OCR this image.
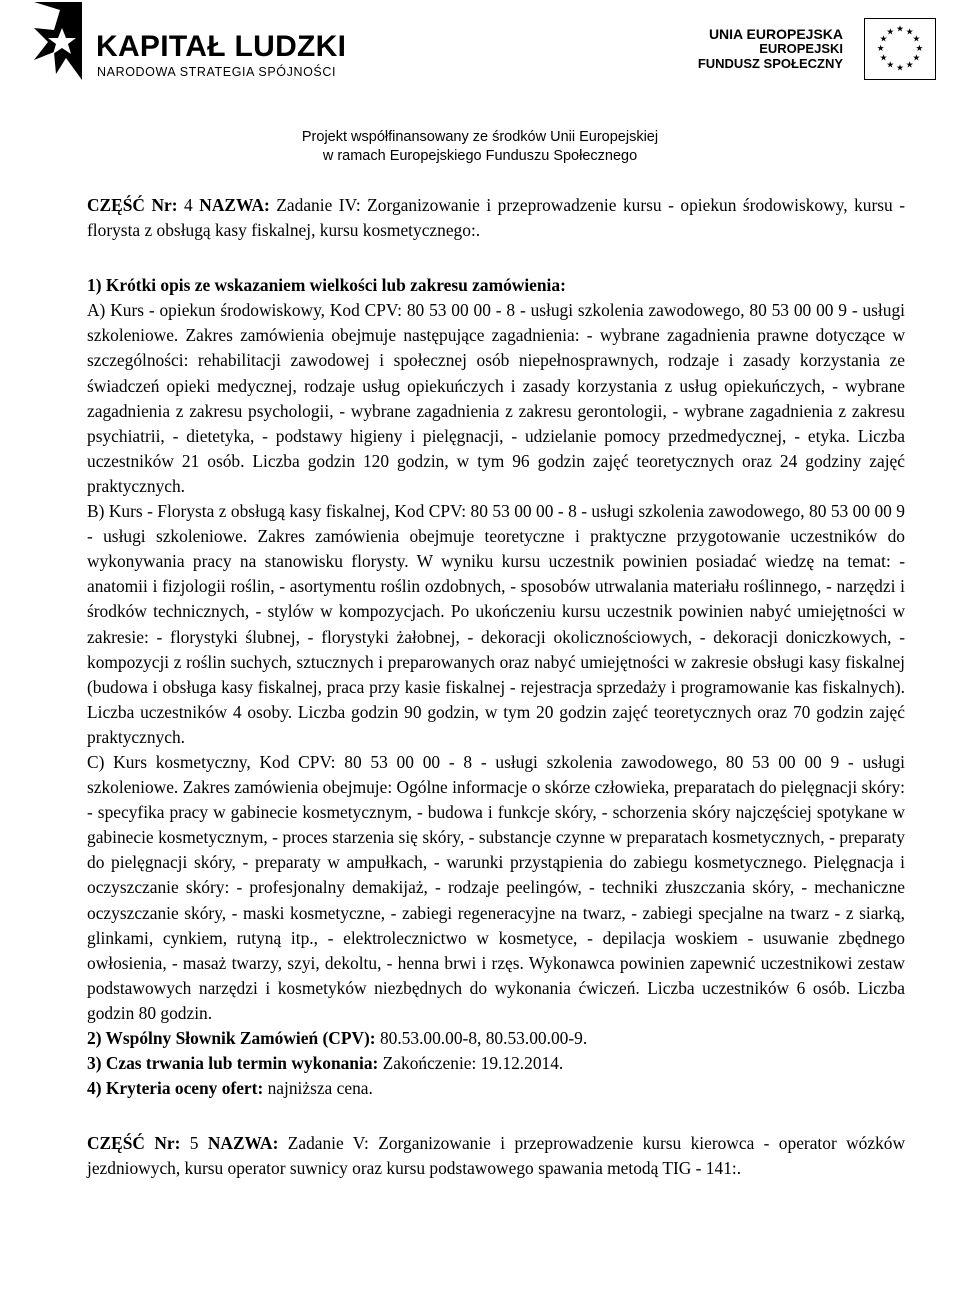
KAPITAŁ LUDZKI
NARODOWA STRATEGIA SPÓJNOŚCI
UNIA EUROPEJSKA
EUROPEJSKI
FUNDUSZ SPOŁECZNY
★ ★
★
★
★
★
★
★
★
★
★
★
Projekt współfinansowany ze środków Unii Europejskiej
w ramach Europejskiego Funduszu Społecznego

CZĘŚĆ Nr: 4 NAZWA: Zadanie IV: Zorganizowanie i przeprowadzenie kursu - opiekun środowiskowy, kursu - florysta z obsługą kasy fiskalnej, kursu kosmetycznego:.

1) Krótki opis ze wskazaniem wielkości lub zakresu zamówienia:

A) Kurs - opiekun środowiskowy, Kod CPV: 80 53 00 00 - 8 - usługi szkolenia zawodowego, 80 53 00 00 9 - usługi szkoleniowe. Zakres zamówienia obejmuje następujące zagadnienia: - wybrane zagadnienia prawne dotyczące w szczególności: rehabilitacji zawodowej i społecznej osób niepełnosprawnych, rodzaje i zasady korzystania ze świadczeń opieki medycznej, rodzaje usług opiekuńczych i zasady korzystania z usług opiekuńczych, - wybrane zagadnienia z zakresu psychologii, - wybrane zagadnienia z zakresu gerontologii, - wybrane zagadnienia z zakresu psychiatrii, - dietetyka, - podstawy higieny i pielęgnacji, - udzielanie pomocy przedmedycznej, - etyka. Liczba uczestników 21 osób. Liczba godzin 120 godzin, w tym 96 godzin zajęć teoretycznych oraz 24 godziny zajęć praktycznych.

B) Kurs - Florysta z obsługą kasy fiskalnej, Kod CPV: 80 53 00 00 - 8 - usługi szkolenia zawodowego, 80 53 00 00 9 - usługi szkoleniowe. Zakres zamówienia obejmuje teoretyczne i praktyczne przygotowanie uczestników do wykonywania pracy na stanowisku florysty. W wyniku kursu uczestnik powinien posiadać wiedzę na temat: - anatomii i fizjologii roślin, - asortymentu roślin ozdobnych, - sposobów utrwalania materiału roślinnego, - narzędzi i środków technicznych, - stylów w kompozycjach. Po ukończeniu kursu uczestnik powinien nabyć umiejętności w zakresie: - florystyki ślubnej, - florystyki żałobnej, - dekoracji okolicznościowych, - dekoracji doniczkowych, - kompozycji z roślin suchych, sztucznych i preparowanych oraz nabyć umiejętności w zakresie obsługi kasy fiskalnej (budowa i obsługa kasy fiskalnej, praca przy kasie fiskalnej - rejestracja sprzedaży i programowanie kas fiskalnych). Liczba uczestników 4 osoby. Liczba godzin 90 godzin, w tym 20 godzin zajęć teoretycznych oraz 70 godzin zajęć praktycznych.

C) Kurs kosmetyczny, Kod CPV: 80 53 00 00 - 8 - usługi szkolenia zawodowego, 80 53 00 00 9 - usługi szkoleniowe. Zakres zamówienia obejmuje: Ogólne informacje o skórze człowieka, preparatach do pielęgnacji skóry: - specyfika pracy w gabinecie kosmetycznym, - budowa i funkcje skóry, - schorzenia skóry najczęściej spotykane w gabinecie kosmetycznym, - proces starzenia się skóry, - substancje czynne w preparatach kosmetycznych, - preparaty do pielęgnacji skóry, - preparaty w ampułkach, - warunki przystąpienia do zabiegu kosmetycznego. Pielęgnacja i oczyszczanie skóry: - profesjonalny demakijaż, - rodzaje peelingów, - techniki złuszczania skóry, - mechaniczne oczyszczanie skóry, - maski kosmetyczne, - zabiegi regeneracyjne na twarz, - zabiegi specjalne na twarz - z siarką, glinkami, cynkiem, rutyną itp., - elektrolecznictwo w kosmetyce, - depilacja woskiem - usuwanie zbędnego owłosienia, - masaż twarzy, szyi, dekoltu, - henna brwi i rzęs. Wykonawca powinien zapewnić uczestnikowi zestaw podstawowych narzędzi i kosmetyków niezbędnych do wykonania ćwiczeń. Liczba uczestników 6 osób. Liczba godzin 80 godzin.

2) Wspólny Słownik Zamówień (CPV): 80.53.00.00-8, 80.53.00.00-9.

3) Czas trwania lub termin wykonania: Zakończenie: 19.12.2014.

4) Kryteria oceny ofert: najniższa cena.

CZĘŚĆ Nr: 5 NAZWA: Zadanie V: Zorganizowanie i przeprowadzenie kursu kierowca - operator wózków jezdniowych, kursu operator suwnicy oraz kursu podstawowego spawania metodą TIG - 141:.
